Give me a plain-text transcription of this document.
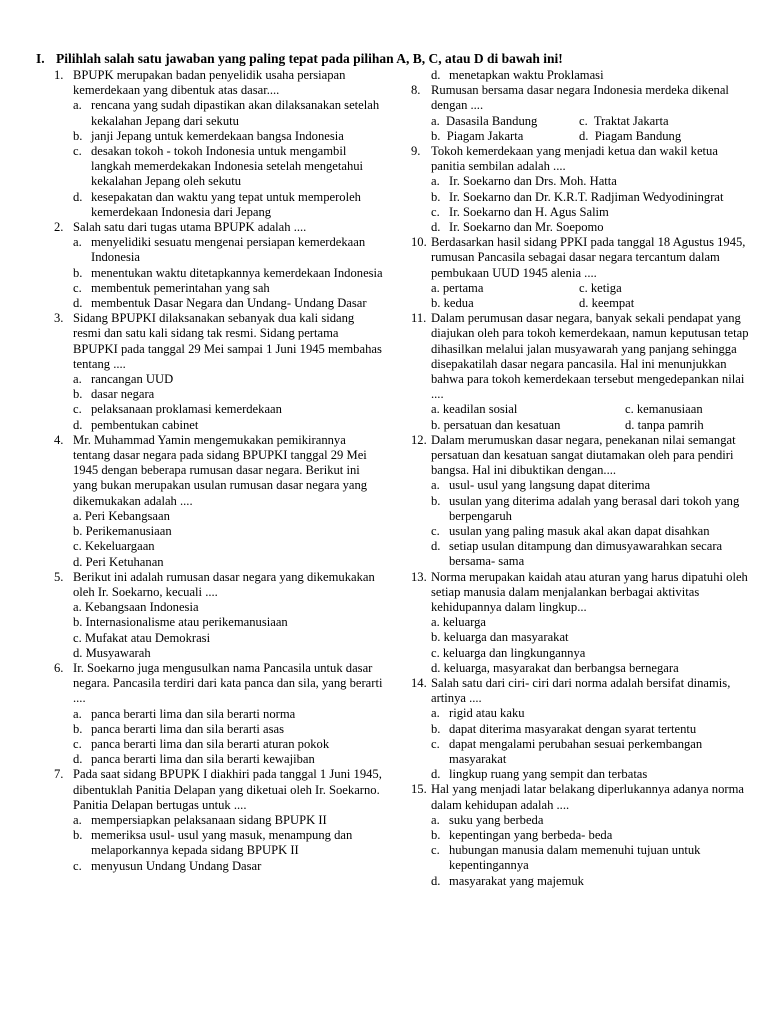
I. Pilihlah salah satu jawaban yang paling tepat pada pilihan A, B, C, atau D di bawah ini!
1. BPUPK merupakan badan penyelidik usaha persiapan kemerdekaan yang dibentuk atas dasar....
a. rencana yang sudah dipastikan akan dilaksanakan setelah kekalahan Jepang dari sekutu
b. janji Jepang untuk kemerdekaan bangsa Indonesia
c. desakan tokoh - tokoh Indonesia untuk mengambil langkah memerdekakan Indonesia setelah mengetahui kekalahan Jepang oleh sekutu
d. kesepakatan dan waktu yang tepat untuk memperoleh kemerdekaan Indonesia dari Jepang
2. Salah satu dari tugas utama BPUPK adalah ....
a. menyelidiki sesuatu mengenai persiapan kemerdekaan Indonesia
b. menentukan waktu ditetapkannya kemerdekaan Indonesia
c. membentuk pemerintahan yang sah
d. membentuk Dasar Negara dan Undang- Undang Dasar
3. Sidang BPUPKI dilaksanakan sebanyak dua kali sidang resmi dan satu kali sidang tak resmi. Sidang pertama BPUPKI pada tanggal 29 Mei sampai 1 Juni 1945 membahas tentang ....
a. rancangan UUD
b. dasar negara
c. pelaksanaan proklamasi kemerdekaan
d. pembentukan cabinet
4. Mr. Muhammad Yamin mengemukakan pemikirannya tentang dasar negara pada sidang BPUPKI tanggal 29 Mei 1945 dengan beberapa rumusan dasar negara. Berikut ini yang bukan merupakan usulan rumusan dasar negara yang dikemukakan adalah ....
a. Peri Kebangsaan
b. Perikemanusiaan
c. Kekeluargaan
d. Peri Ketuhanan
5. Berikut ini adalah rumusan dasar negara yang dikemukakan oleh Ir. Soekarno, kecuali ....
a. Kebangsaan Indonesia
b. Internasionalisme atau perikemanusiaan
c. Mufakat atau Demokrasi
d. Musyawarah
6. Ir. Soekarno juga mengusulkan nama Pancasila untuk dasar negara. Pancasila terdiri dari kata panca dan sila, yang berarti ....
a. panca berarti lima dan sila berarti norma
b. panca berarti lima dan sila berarti asas
c. panca berarti lima dan sila berarti aturan pokok
d. panca berarti lima dan sila berarti kewajiban
7. Pada saat sidang BPUPK I diakhiri pada tanggal 1 Juni 1945, dibentuklah Panitia Delapan yang diketuai oleh Ir. Soekarno. Panitia Delapan bertugas untuk ....
a. mempersiapkan pelaksanaan sidang BPUPK II
b. memeriksa usul- usul yang masuk, menampung dan melaporkannya kepada sidang BPUPK II
c. menyusun Undang Undang Dasar
d. menetapkan waktu Proklamasi
8. Rumusan bersama dasar negara Indonesia merdeka dikenal dengan ....
a. Dasasila Bandung	c. Traktat Jakarta
b. Piagam Jakarta	d. Piagam Bandung
9. Tokoh kemerdekaan yang menjadi ketua dan wakil ketua panitia sembilan adalah ....
a. Ir. Soekarno dan Drs. Moh. Hatta
b. Ir. Soekarno dan Dr. K.R.T. Radjiman Wedyodiningrat
c. Ir. Soekarno dan H. Agus Salim
d. Ir. Soekarno dan Mr. Soepomo
10. Berdasarkan hasil sidang PPKI pada tanggal 18 Agustus 1945, rumusan Pancasila sebagai dasar negara tercantum dalam pembukaan UUD 1945 alenia ....
a. pertama	c. ketiga
b. kedua	d. keempat
11. Dalam perumusan dasar negara, banyak sekali pendapat yang diajukan oleh para tokoh kemerdekaan, namun keputusan tetap dihasilkan melalui jalan musyawarah yang panjang sehingga disepakatilah dasar negara pancasila. Hal ini menunjukkan bahwa para tokoh kemerdekaan tersebut mengedepankan nilai ....
a. keadilan sosial	c. kemanusiaan
b. persatuan dan kesatuan	d. tanpa pamrih
12. Dalam merumuskan dasar negara, penekanan nilai semangat persatuan dan kesatuan sangat diutamakan oleh para pendiri bangsa. Hal ini dibuktikan dengan....
a. usul- usul yang langsung dapat diterima
b. usulan yang diterima adalah yang berasal dari tokoh yang berpengaruh
c. usulan yang paling masuk akal akan dapat disahkan
d. setiap usulan ditampung dan dimusyawarahkan secara bersama- sama
13. Norma merupakan kaidah atau aturan yang harus dipatuhi oleh setiap manusia dalam menjalankan berbagai aktivitas kehidupannya dalam lingkup...
a. keluarga
b. keluarga dan masyarakat
c. keluarga dan lingkungannya
d. keluarga, masyarakat dan berbangsa bernegara
14. Salah satu dari ciri- ciri dari norma adalah bersifat dinamis, artinya ....
a. rigid atau kaku
b. dapat diterima masyarakat dengan syarat tertentu
c. dapat mengalami perubahan sesuai perkembangan masyarakat
d. lingkup ruang yang sempit dan terbatas
15. Hal yang menjadi latar belakang diperlukannya adanya norma dalam kehidupan adalah ....
a. suku yang berbeda
b. kepentingan yang berbeda- beda
c. hubungan manusia dalam memenuhi tujuan untuk kepentingannya
d. masyarakat yang majemuk
